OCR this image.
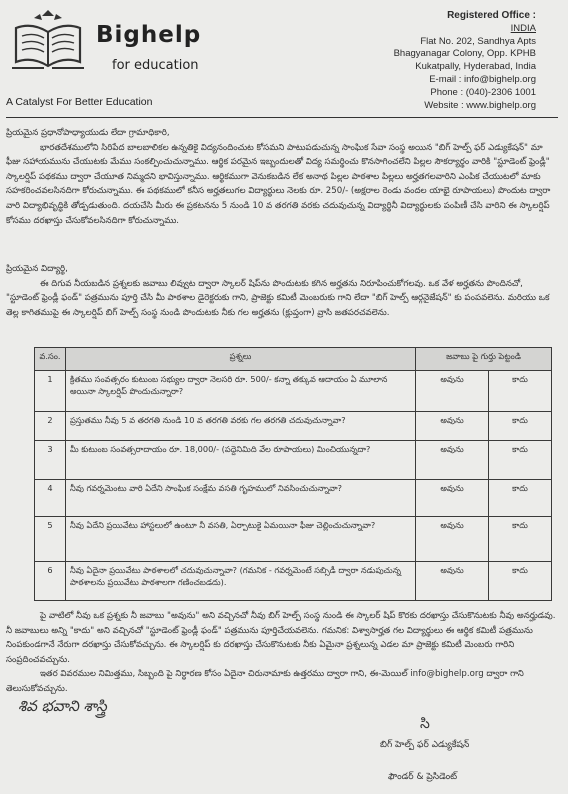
Bighelp
for education
A Catalyst For Better Education
Registered Office :
INDIA
Flat No. 202, Sandhya Apts
Bhagyanagar Colony, Opp. KPHB
Kukatpally, Hyderabad, India
E-mail : info@bighelp.org
Phone : (040)-2306 1001
Website : www.bighelp.org
ప్రియమైన ప్రధానోపాధ్యాయుడు లేదా గ్రామాధికారి,
భారతదేశములోని సిరిపేద బాలబాలికల ఉన్నతికై విద్యనందించుట కోసమని పాటుపడుచున్న సాంఘిక సేవా సంస్థ అయిన "బిగ్ హెల్ప్ ఫర్ ఎడ్యుకేషన్" మా ఫీజు సహాయమును చేయుటకు మేము సంకల్పించుచున్నాము. ఆర్థిక పరమైన ఇబ్బందులతో విద్య సమర్థించు కొనసాగించలేని పిల్లల సౌకర్యార్థం వారికి "స్టూడెంట్ ఫ్రెండ్లీ" స్కాలర్షిప్ పథకము ద్వారా చేయూత నిమ్మదని భావిస్తున్నాము. ఆర్థికముగా వెనుకబడిన లేక అనాథ పిల్లల పాఠశాల పిల్లలు అర్హతగలవారిని ఎంపిక చేయుటలో మాకు సహకరించవలసినదిగా కోరుచున్నాము. ఈ పథకములో కనీస అర్హతలుగల విద్యార్థులు నెలకు రూ. 250/- (అక్షరాల రెండు వందల యాభై రూపాయలు) పొందుట ద్వారా వారి విద్యాభివృద్ధికి తోడ్పడుతుంది. దయచేసి మీరు ఈ ప్రకటనను 5 నుండి 10 వ తరగతి వరకు చదువుచున్న విద్యార్థినీ విద్యార్థులకు పంపిణీ చేసి వారిని ఈ స్కాలర్షిప్ కోసము దరఖాస్తు చేసుకోవలసినదిగా కోరుచున్నాము.
ప్రియమైన విద్యార్థి,
ఈ దిగువ నీయబడిన ప్రశ్నలకు జవాబు లివ్వుట ద్వారా స్కాలర్ షిప్‌ను పొందుటకు కగిన అర్హతను నిరూపించుకోగలవు. ఒక వేళ అర్హతను పొందినచో, "స్టూడెంట్ ఫ్రెండ్లీ ఫండ్" పత్రమును పూర్తి చేసి మీ పాఠశాల డైరెక్టరుకు గాని, ప్రాజెక్టు కమిటీ మెంబరుకు గాని లేదా "బిగ్ హెల్ప్ ఆర్గనైజేషన్" కు పంపవలెను. మరియు ఒక తెల్ల కాగితముపై ఈ స్కాలర్షిప్ బిగ్ హెల్ప్ సంస్థ నుండి పొందుటకు నీకు గల అర్హతను (క్లుప్తంగా) వ్రాసి జతపరచవలెను.
వ.సం.	ప్రశ్నలు	జవాబు పై గుర్తు పెట్టండి	
1	క్రితము సంవత్సరం కుటుంబ సభ్యుల ద్వారా నెలసరి రూ. 500/- కన్నా తక్కువ ఆదాయం ఏ మూలాన అయినా స్కాలర్షిప్ పొందుచున్నారా?	అవును	కాదు
2	ప్రస్తుతము నీవు 5 వ తరగతి నుండి 10 వ తరగతి వరకు గల తరగతి చదువుచున్నావా?	అవును	కాదు
3	మీ కుటుంబ సంవత్సరాదాయం రూ. 18,000/- (పద్దెనిమిది వేల రూపాయలు) మించియున్నదా?	అవును	కాదు
4	నీవు గవర్నమెంటు వారి ఏదేని సాంఘిక సంక్షేమ వసతి గృహములో నివసించుచున్నావా?	అవును	కాదు
5	నీవు ఏదేని ప్రయివేటు హాస్టలులో ఉంటూ నీ వసతి, ఏర్పాటుకై ఏమయినా ఫీజు చెల్లించుచున్నావా?	అవును	కాదు
6	నీవు ఏదైనా ప్రయివేటు పాఠశాలలో చదువుచున్నావా? (గమనిక - గవర్నమెంటే సబ్సిడీ ద్వారా నడుపుచున్న పాఠశాలను ప్రయివేటు పాఠశాలగా గణించబడదు).	అవును	కాదు
పై వాటిలో నీవు ఒక ప్రశ్నకు నీ జవాబు "అవును" అని వచ్చినచో నీవు బిగ్ హెల్ప్ సంస్థ నుండి ఈ స్కాలర్ షిప్ కొరకు దరఖాస్తు చేసుకొనుటకు నీవు అనర్హుడవు. నీ జవాబులు అన్ని "కాదు" అని వచ్చినచో "స్టూడెంట్ ఫ్రెండ్లీ ఫండ్" పత్రమును పూర్తిచేయవలెను. గమనిక: విశ్వాసార్హత గల విద్యార్థులు ఈ ఆర్థిక కమిటీ పత్రమును నింపకుండగానే నేరుగా దరఖాస్తు చేసుకోవచ్చును. ఈ స్కాలర్షిప్ కు దరఖాస్తు చేసుకొనుటకు నీకు ఏమైనా ప్రశ్నలున్న ఎడల మా ప్రాజెక్టు కమిటీ మెంబరు గారిని సంప్రదించవచ్చును.
ఇతర వివరముల నిమిత్తము, సిబ్బంది పై నిర్ధారణ కోసం ఏదైనా చిరునామాకు ఉత్తరము ద్వారా గాని, ఈ-మెయిల్ info@bighelp.org ద్వారా గాని తెలుసుకోవచ్చును.
శివ భవాని శాస్త్రి
సి
బిగ్ హెల్ప్ ఫర్ ఎడ్యుకేషన్
ఫౌండర్ & ప్రెసిడెంట్
